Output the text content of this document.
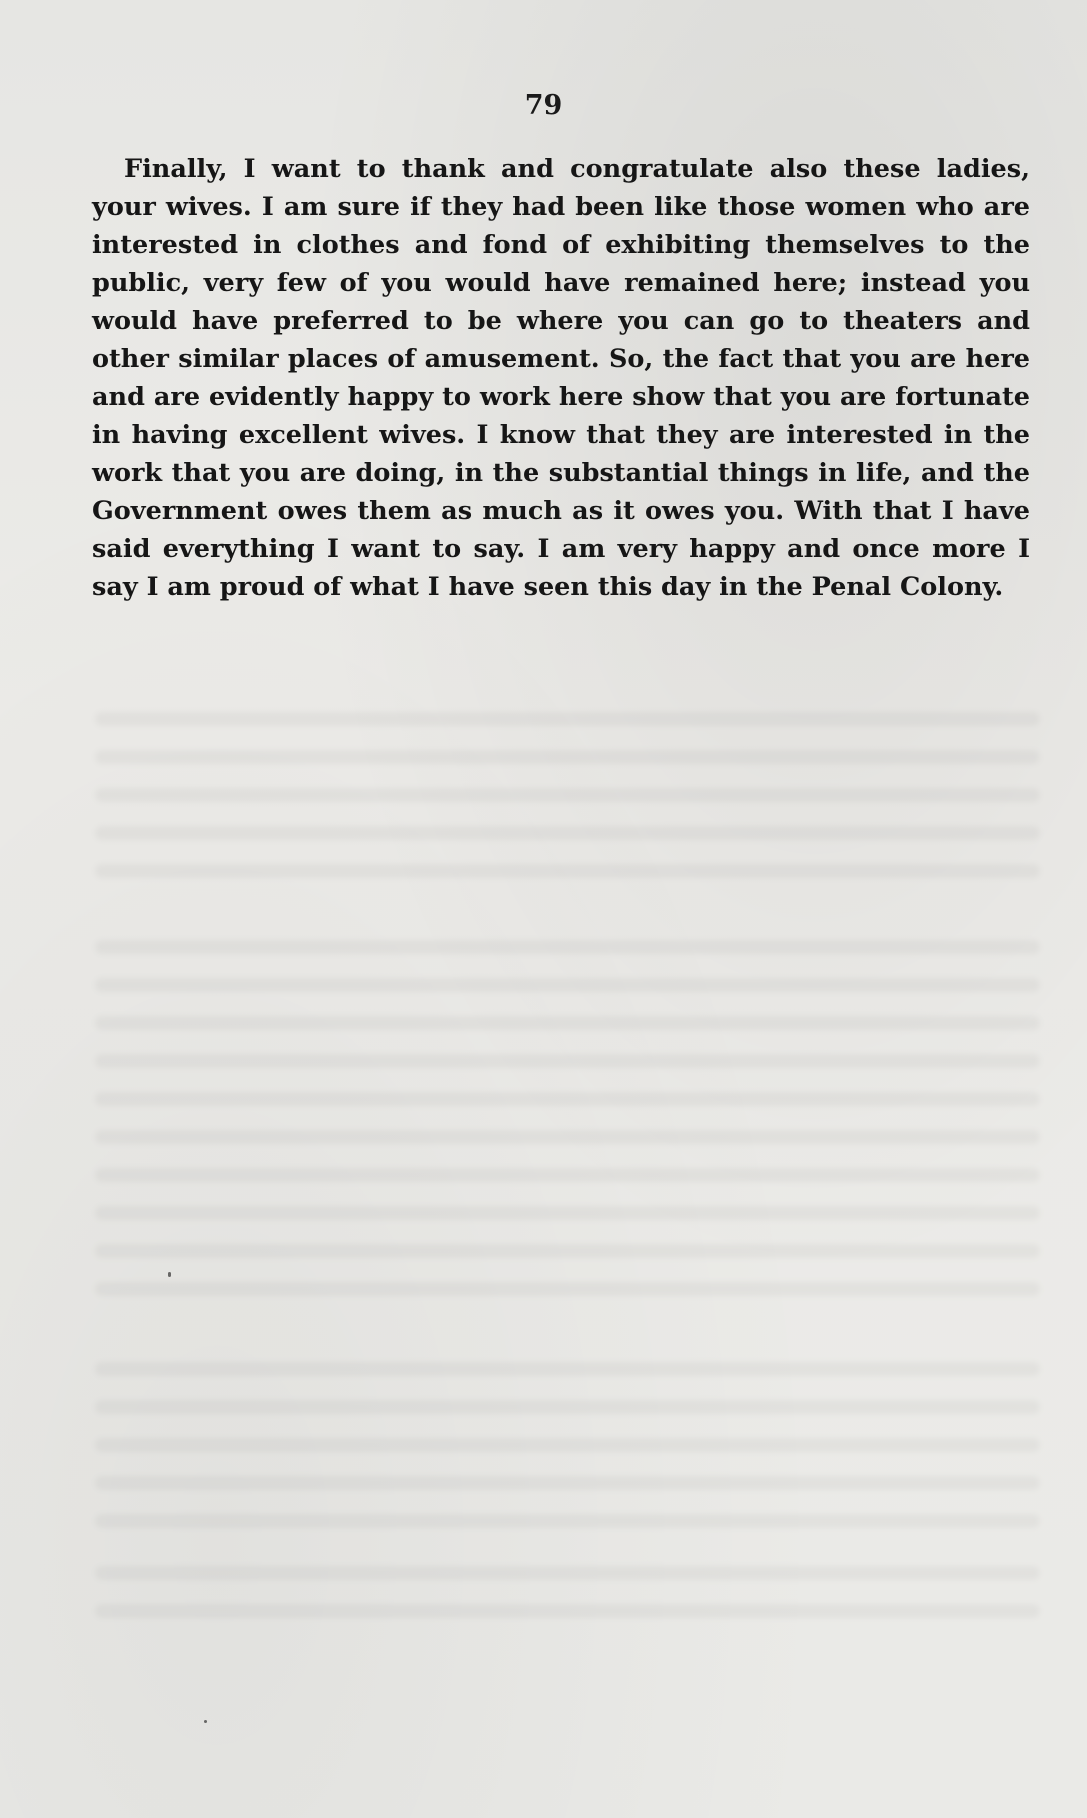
79

Finally, I want to thank and congratulate also these ladies, your wives. I am sure if they had been like those women who are interested in clothes and fond of exhibiting themselves to the public, very few of you would have remained here; instead you would have preferred to be where you can go to theaters and other similar places of amusement. So, the fact that you are here and are evidently happy to work here show that you are fortunate in having excellent wives. I know that they are interested in the work that you are doing, in the substantial things in life, and the Government owes them as much as it owes you. With that I have said everything I want to say. I am very happy and once more I say I am proud of what I have seen this day in the Penal Colony.
